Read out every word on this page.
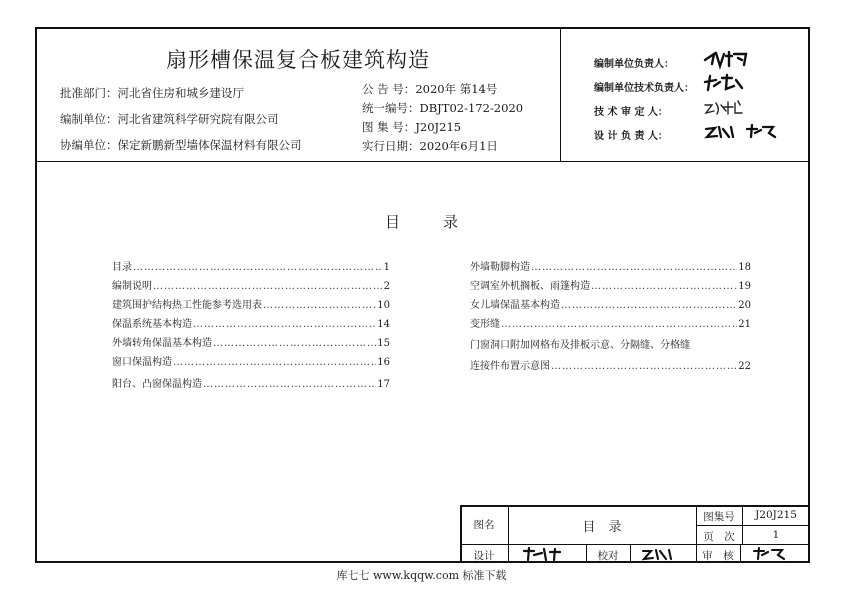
扇形槽保温复合板建筑构造
批准部门：河北省住房和城乡建设厅
编制单位：河北省建筑科学研究院有限公司
协编单位：保定新鹏新型墙体保温材料有限公司
公 告 号：2020年 第14号
统一编号：DBJT02-172-2020
图 集 号：J20J215
实行日期：2020年6月1日
编制单位负责人：
编制单位技术负责人：
技 术 审 定 人：
设 计 负 责 人：
目　录
目录 ……………………………………………………………………………………………………………………………………	1
编制说明 ……………………………………………………………………………………………………………………………………	2
建筑围护结构热工性能参考选用表 ……………………………………………………………………………………………………………………………………	10
保温系统基本构造 ……………………………………………………………………………………………………………………………………	14
外墙转角保温基本构造 ……………………………………………………………………………………………………………………………………	15
窗口保温构造 ……………………………………………………………………………………………………………………………………	16
阳台、凸窗保温构造 ……………………………………………………………………………………………………………………………………	17
外墙勒脚构造 ……………………………………………………………………………………………………………………………………	18
空调室外机搁板、雨篷构造 ……………………………………………………………………………………………………………………………………	19
女儿墙保温基本构造 ……………………………………………………………………………………………………………………………………	20
变形缝 ……………………………………………………………………………………………………………………………………	21
门窗洞口附加网格布及排板示意、分隔缝、分格缝
连接件布置示意图 ……………………………………………………………………………………………………………………………………	22
图名	目　录
图集号	J20J215
页　次	1
设计	校对	审　核
库七七 www.kqqw.com 标准下载
